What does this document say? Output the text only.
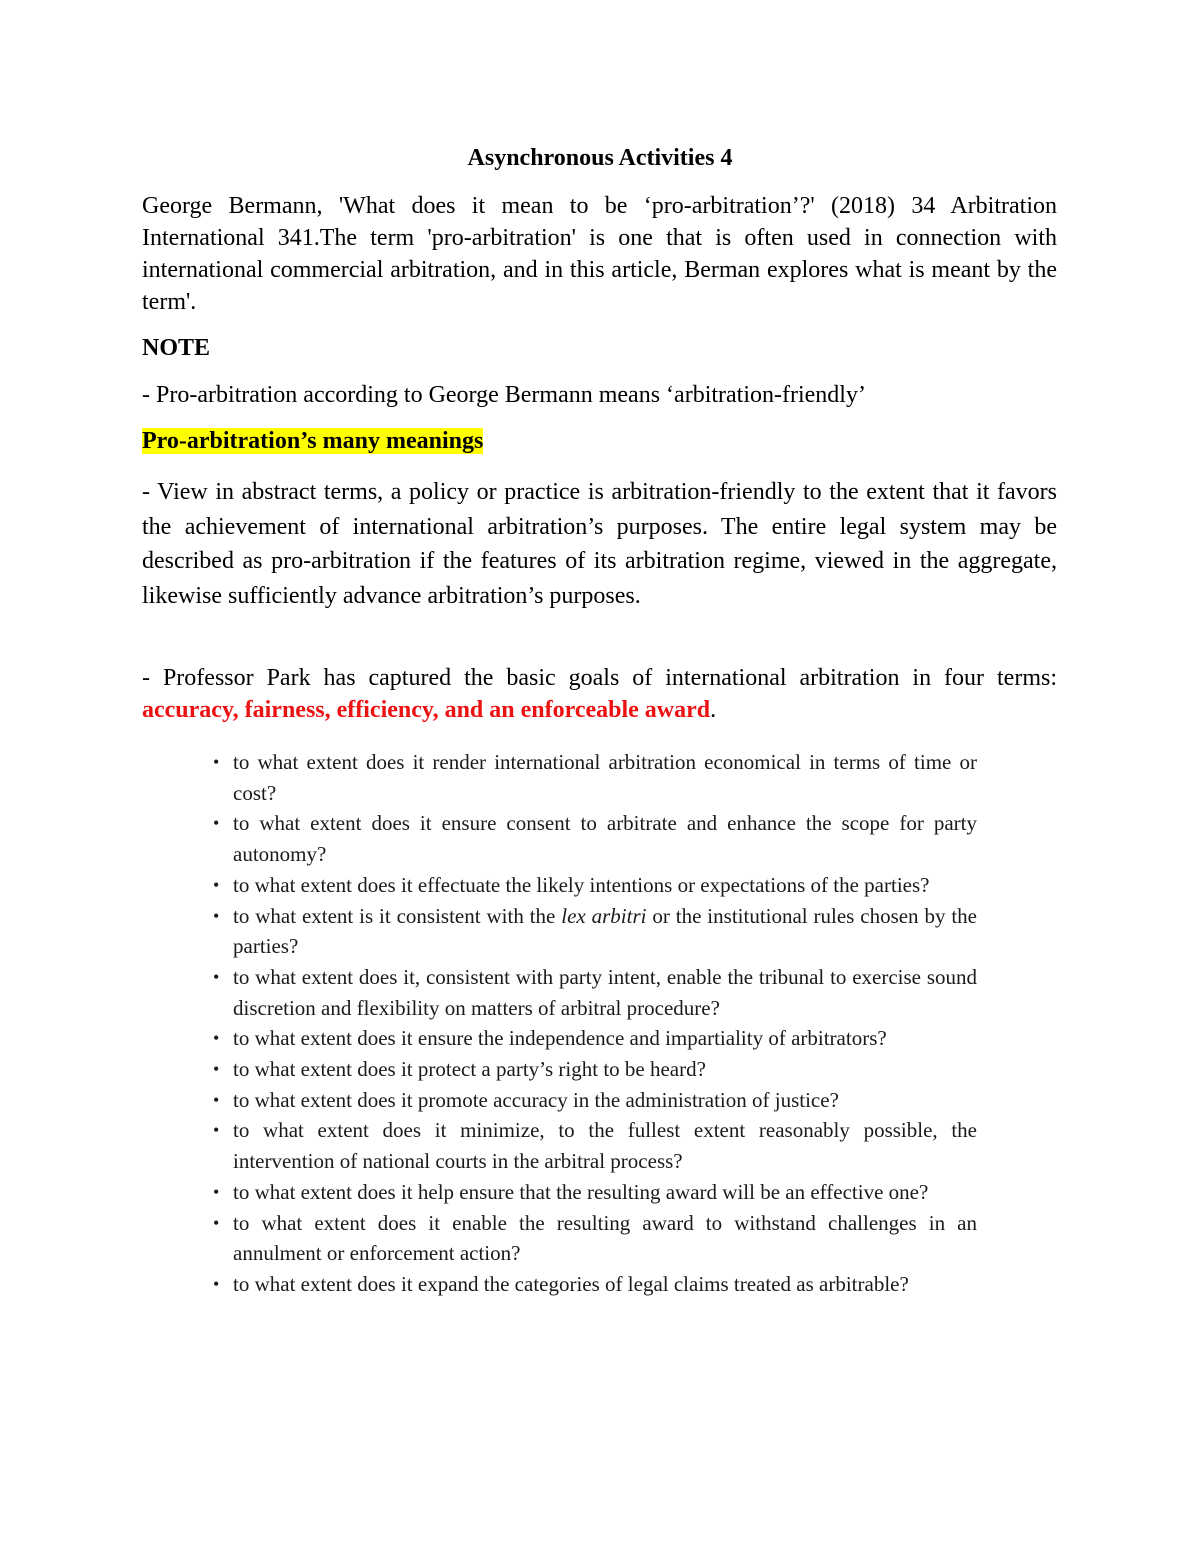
Asynchronous Activities 4

George Bermann, 'What does it mean to be ‘pro-arbitration’?' (2018) 34 Arbitration International 341.The term 'pro-arbitration' is one that is often used in connection with international commercial arbitration, and in this article, Berman explores what is meant by the term'.

NOTE

- Pro-arbitration according to George Bermann means ‘arbitration-friendly’

Pro-arbitration’s many meanings

- View in abstract terms, a policy or practice is arbitration-friendly to the extent that it favors the achievement of international arbitration’s purposes. The entire legal system may be described as pro-arbitration if the features of its arbitration regime, viewed in the aggregate, likewise sufficiently advance arbitration’s purposes.

- Professor Park has captured the basic goals of international arbitration in four terms: accuracy, fairness, efficiency, and an enforceable award.

• to what extent does it render international arbitration economical in terms of time or cost?
• to what extent does it ensure consent to arbitrate and enhance the scope for party autonomy?
• to what extent does it effectuate the likely intentions or expectations of the parties?
• to what extent is it consistent with the lex arbitri or the institutional rules chosen by the parties?
• to what extent does it, consistent with party intent, enable the tribunal to exercise sound discretion and flexibility on matters of arbitral procedure?
• to what extent does it ensure the independence and impartiality of arbitrators?
• to what extent does it protect a party’s right to be heard?
• to what extent does it promote accuracy in the administration of justice?
• to what extent does it minimize, to the fullest extent reasonably possible, the intervention of national courts in the arbitral process?
• to what extent does it help ensure that the resulting award will be an effective one?
• to what extent does it enable the resulting award to withstand challenges in an annulment or enforcement action?
• to what extent does it expand the categories of legal claims treated as arbitrable?
